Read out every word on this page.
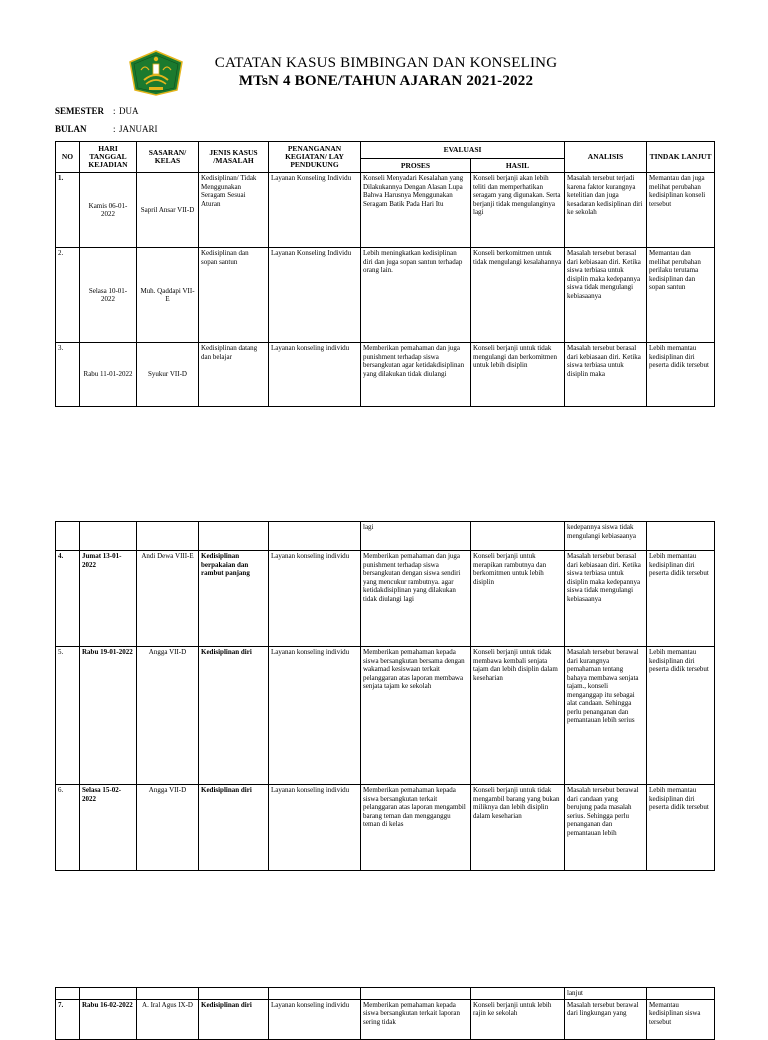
CATATAN KASUS BIMBINGAN DAN KONSELING
MTsN 4 BONE/TAHUN AJARAN 2021-2022
SEMESTER : DUA
BULAN	: JANUARI
NO	HARI TANGGAL KEJADIAN	SASARAN/ KELAS	JENIS KASUS /MASALAH	PENANGANAN KEGIATAN/ LAY PENDUKUNG	EVALUASI		ANALISIS	TINDAK LANJUT
					PROSES	HASIL		
1.	Kamis 06-01-2022	Sapril Ansar VII-D	Kedisiplinan/ Tidak Menggunakan Seragam Sesuai Aturan	Layanan Konseling Individu	Konseli Menyadari Kesalahan yang Dilakukannya Dengan Alasan Lupa Bahwa Harusnya Menggunakan Seragam Batik Pada Hari Itu	Konseli berjanji akan lebih teliti dan memperhatikan seragam yang digunakan. Serta berjanji tidak mengulanginya lagi	Masalah tersebut terjadi karena faktor kurangnya ketelitian dan juga kesadaran kedisiplinan diri ke sekolah	Memantau dan juga melihat perubahan kedisiplinan konseli tersebut
2.	Selasa 10-01-2022	Muh. Qaddapi VII-E	Kedisiplinan dan sopan santun	Layanan Konseling Individu	Lebih meningkatkan kedisiplinan diri dan juga sopan santun terhadap orang lain.	Konseli berkomitmen untuk tidak mengulangi kesalahannya	Masalah tersebut berasal dari kebiasaan diri. Ketika siswa terbiasa untuk disiplin maka kedepannya siswa tidak mengulangi kebiasaanya	Memantau dan melihat perubahan perilaku terutama kedisiplinan dan sopan santun
3.	Rabu 11-01-2022	Syukur VII-D	Kedisiplinan datang dan belajar	Layanan konseling individu	Memberikan pemahaman dan juga punishment terhadap siswa bersangkutan agar ketidakdisiplinan yang dilakukan tidak diulangi	Konseli berjanji untuk tidak mengulangi dan berkomitmen untuk lebih disiplin	Masalah tersebut berasal dari kebiasaan diri. Ketika siswa terbiasa untuk disiplin maka	Lebih memantau kedisiplinan diri peserta didik tersebut
					lagi		kedepannya siswa tidak mengulangi kebiasaanya	
4.	Jumat 13-01-2022	Andi Dewa VIII-E	Kedisiplinan berpakaian dan rambut panjang	Layanan konseling individu	Memberikan pemahaman dan juga punishment terhadap siswa bersangkutan dengan siswa sendiri yang mencukur rambutnya. agar ketidakdisiplinan yang dilakukan tidak diulangi lagi	Konseli berjanji untuk merapikan rambutnya dan berkomitmen untuk lebih disiplin	Masalah tersebut berasal dari kebiasaan diri. Ketika siswa terbiasa untuk disiplin maka kedepannya siswa tidak mengulangi kebiasaanya	Lebih memantau kedisiplinan diri peserta didik tersebut
5.	Rabu 19-01-2022	Angga VII-D	Kedisiplinan diri	Layanan konseling individu	Memberikan pemahaman kepada siswa bersangkutan bersama dengan wakamad kesiswaan terkait pelanggaran atas laporan membawa senjata tajam ke sekolah	Konseli berjanji untuk tidak membawa kembali senjata tajam dan lebih disiplin dalam keseharian	Masalah tersebut berawal dari kurangnya pemahaman tentang bahaya membawa senjata tajam., konseli menganggap itu sebagai alat candaan. Sehingga perlu penanganan dan pemantauan lebih serius	Lebih memantau kedisiplinan diri peserta didik tersebut
6.	Selasa 15-02-2022	Angga VII-D	Kedisiplinan diri	Layanan konseling individu	Memberikan pemahaman kepada siswa bersangkutan terkait pelanggaran atas laporan mengambil barang teman dan mengganggu teman di kelas	Konseli berjanji untuk tidak mengambil barang yang bukan miliknya dan lebih disiplin dalam keseharian	Masalah tersebut berawal dari candaan yang berujung pada masalah serius. Sehingga perlu penanganan dan pemantauan lebih	Lebih memantau kedisiplinan diri peserta didik tersebut
							lanjut	
7.	Rabu 16-02-2022	A. Iral Agus IX-D	Kedisiplinan diri	Layanan konseling individu	Memberikan pemahaman kepada siswa bersangkutan terkait laporan sering tidak	Konseli berjanji untuk lebih rajin ke sekolah	Masalah tersebut berawal dari lingkungan yang	Memantau kedisiplinan siswa tersebut
